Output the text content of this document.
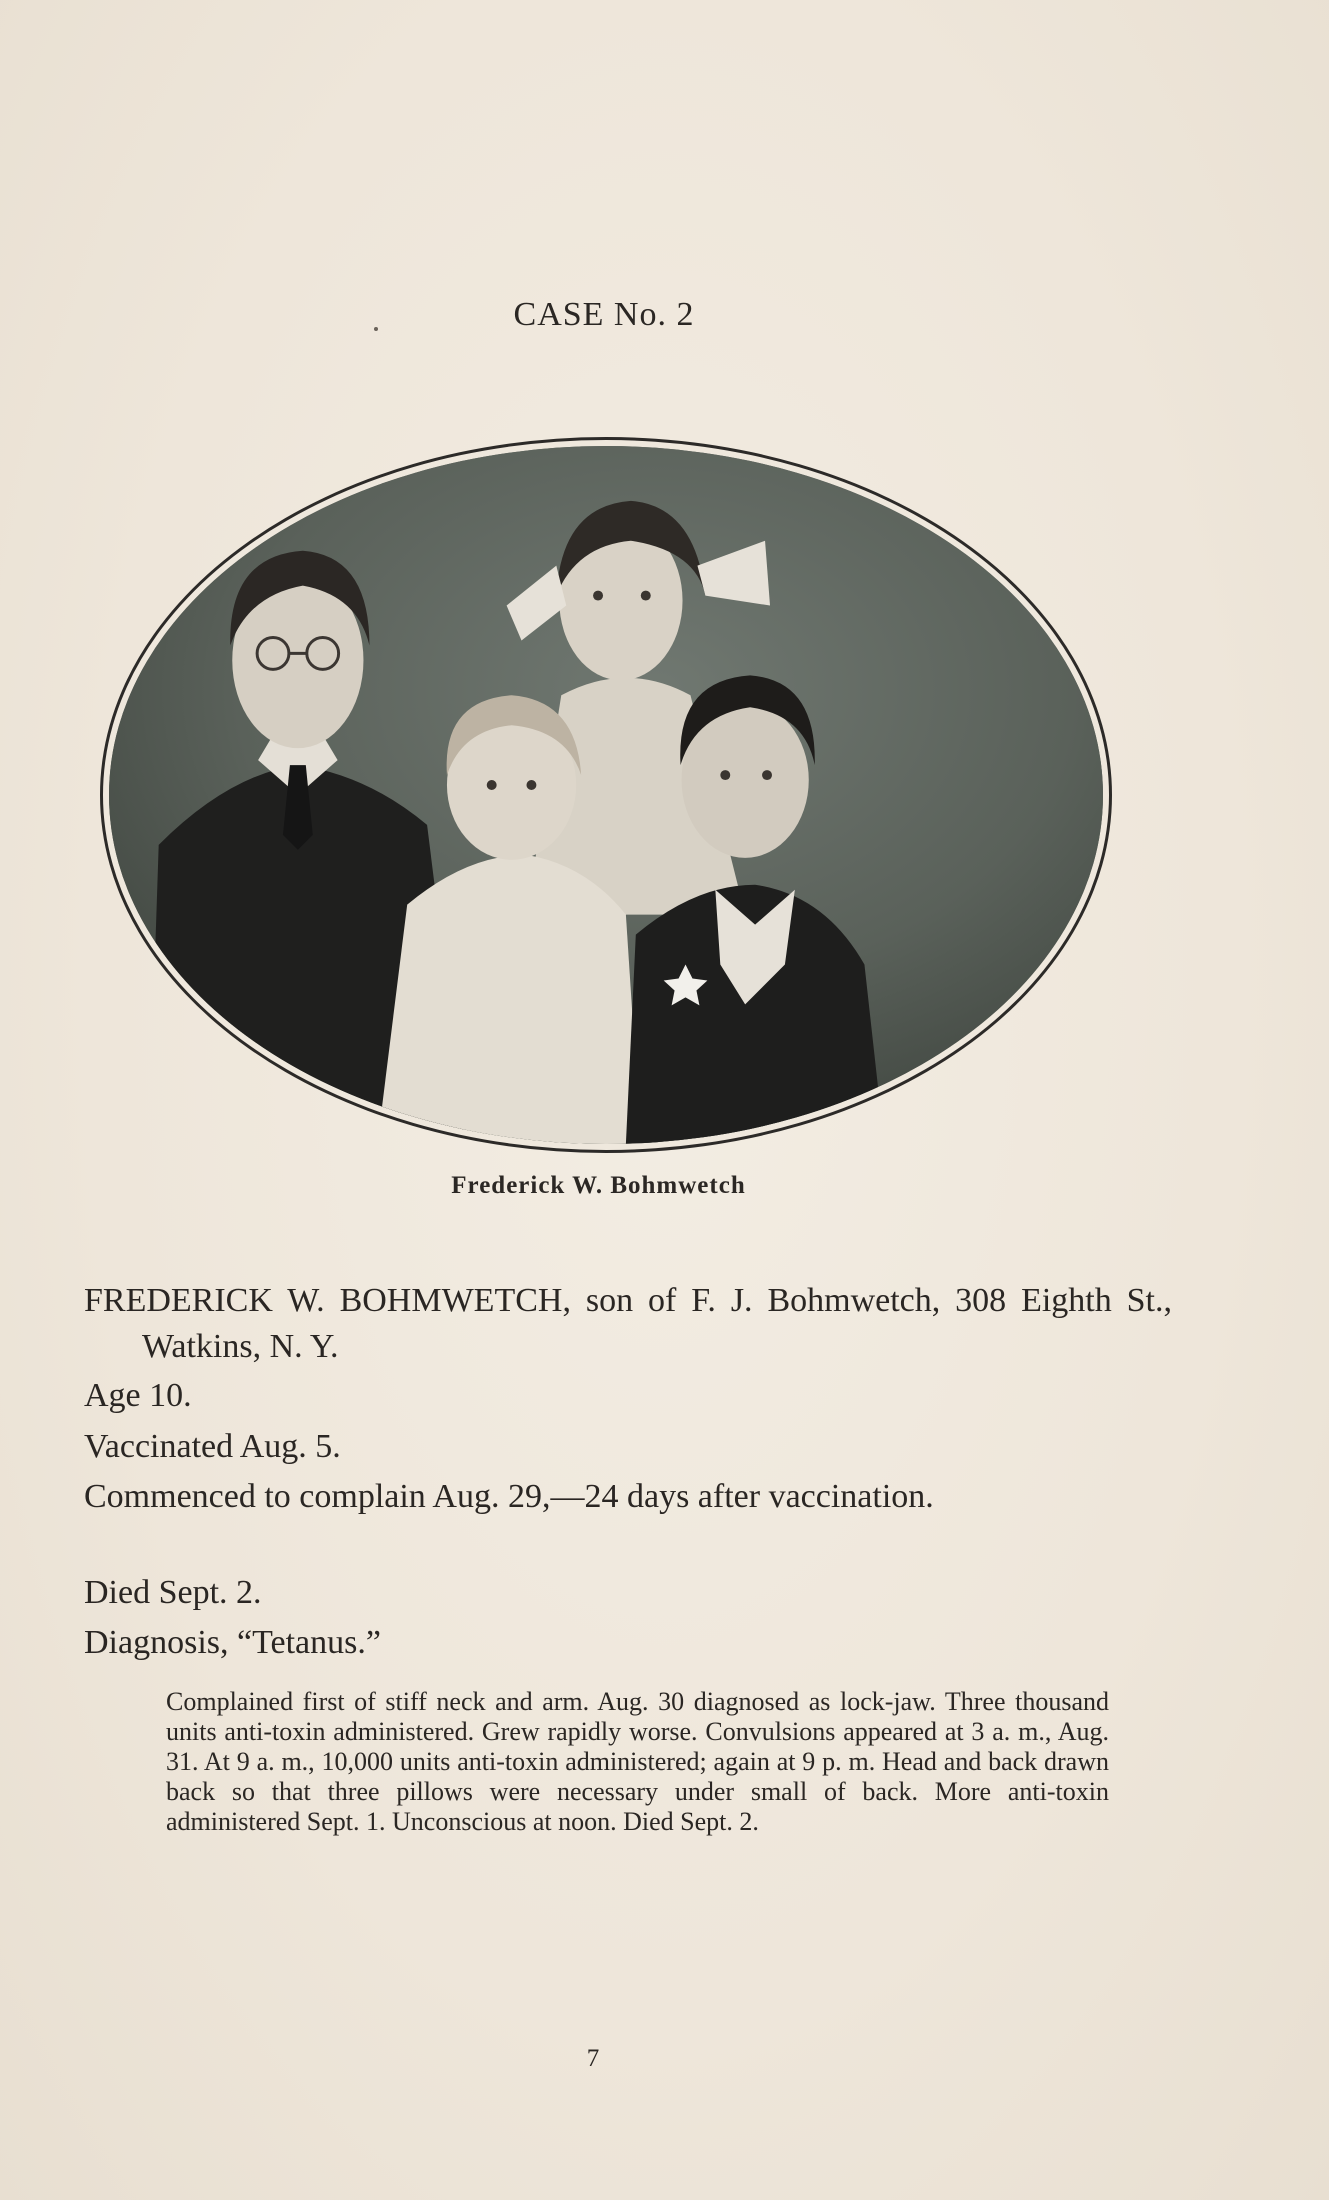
CASE No. 2
Frederick W. Bohmwetch
FREDERICK W. BOHMWETCH, son of F. J. Bohmwetch, 308 Eighth St., Watkins, N. Y.
Age 10.
Vaccinated Aug. 5.
Commenced to complain Aug. 29,—24 days after vaccination.
Died Sept. 2.
Diagnosis, “Tetanus.”
Complained first of stiff neck and arm. Aug. 30 diagnosed as lock-jaw. Three thousand units anti-toxin administered. Grew rapidly worse. Convulsions appeared at 3 a. m., Aug. 31. At 9 a. m., 10,000 units anti-toxin administered; again at 9 p. m. Head and back drawn back so that three pillows were necessary under small of back. More anti-toxin administered Sept. 1. Unconscious at noon. Died Sept. 2.
7
